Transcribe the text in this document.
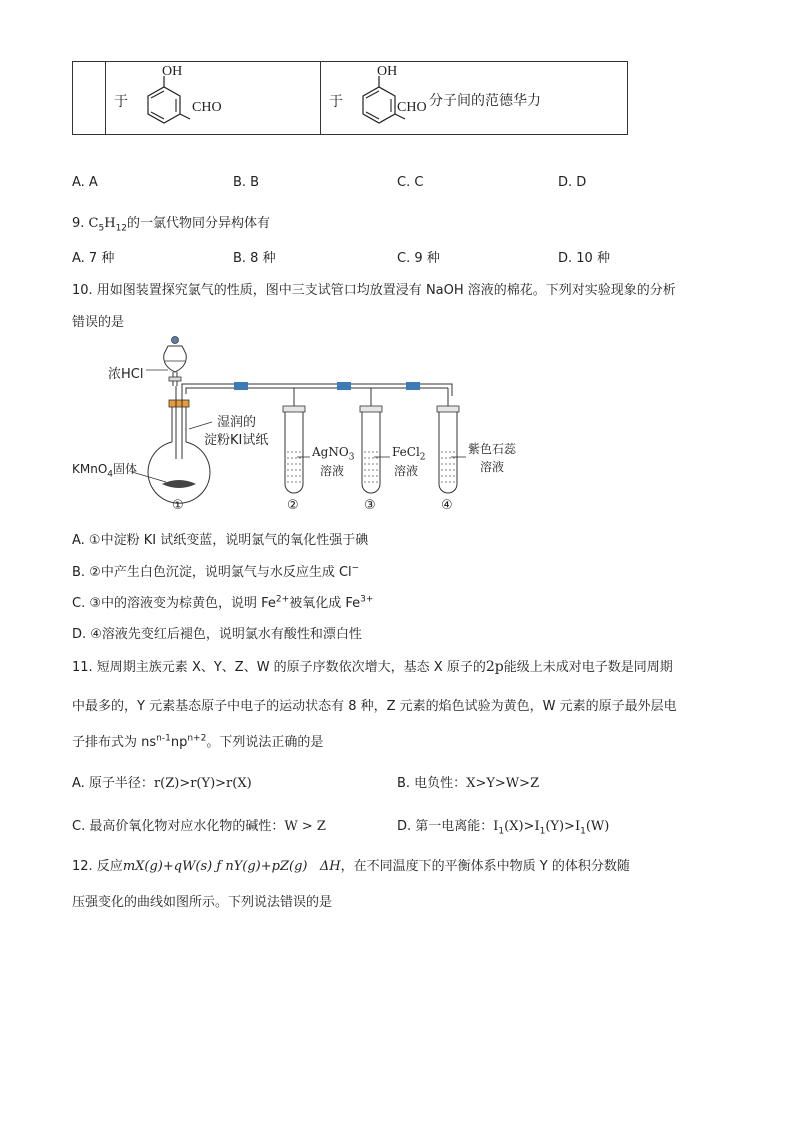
于
OH
CHO	于
OH
CHO 分子间的范德华力
A. A	B. B	C. C	D. D
9. $C_5H_{12}$的一氯代物同分异构体有
A. 7 种	B. 8 种	C. 9 种	D. 10 种
10. 用如图装置探究氯气的性质，图中三支试管口均放置浸有 NaOH 溶液的棉花。下列对实验现象的分析
错误的是
浓HCl
湿润的
淀粉KI试纸
KMnO$_4$固体
AgNO$_3$
溶液
FeCl$_2$
溶液
紫色石蕊
溶液
①	②	③	④
A. ①中淀粉 KI 试纸变蓝，说明氯气的氧化性强于碘
B. ②中产生白色沉淀，说明氯气与水反应生成 Cl−
C. ③中的溶液变为棕黄色，说明 $Fe^{2+}$被氧化成 $Fe^{3+}$
D. ④溶液先变红后褪色，说明氯水有酸性和漂白性
11. 短周期主族元素 X、Y、Z、W 的原子序数依次增大，基态 X 原子的2p能级上未成对电子数是同周期
中最多的，Y 元素基态原子中电子的运动状态有 8 种，Z 元素的焰色试验为黄色，W 元素的原子最外层电
子排布式为 $ns^{n-1}np^{n+2}$。下列说法正确的是
A. 原子半径：r(Z)>r(Y)>r(X)	B. 电负性：X>Y>W>Z
C. 最高价氧化物对应水化物的碱性：W > Z	D. 第一电离能：$I_1(X)>I_1(Y)>I_1(W)$
12. 反应mX(g)+qW(s) ƒ nY(g)+pZ(g) ΔH，在不同温度下的平衡体系中物质 Y 的体积分数随
压强变化的曲线如图所示。下列说法错误的是
